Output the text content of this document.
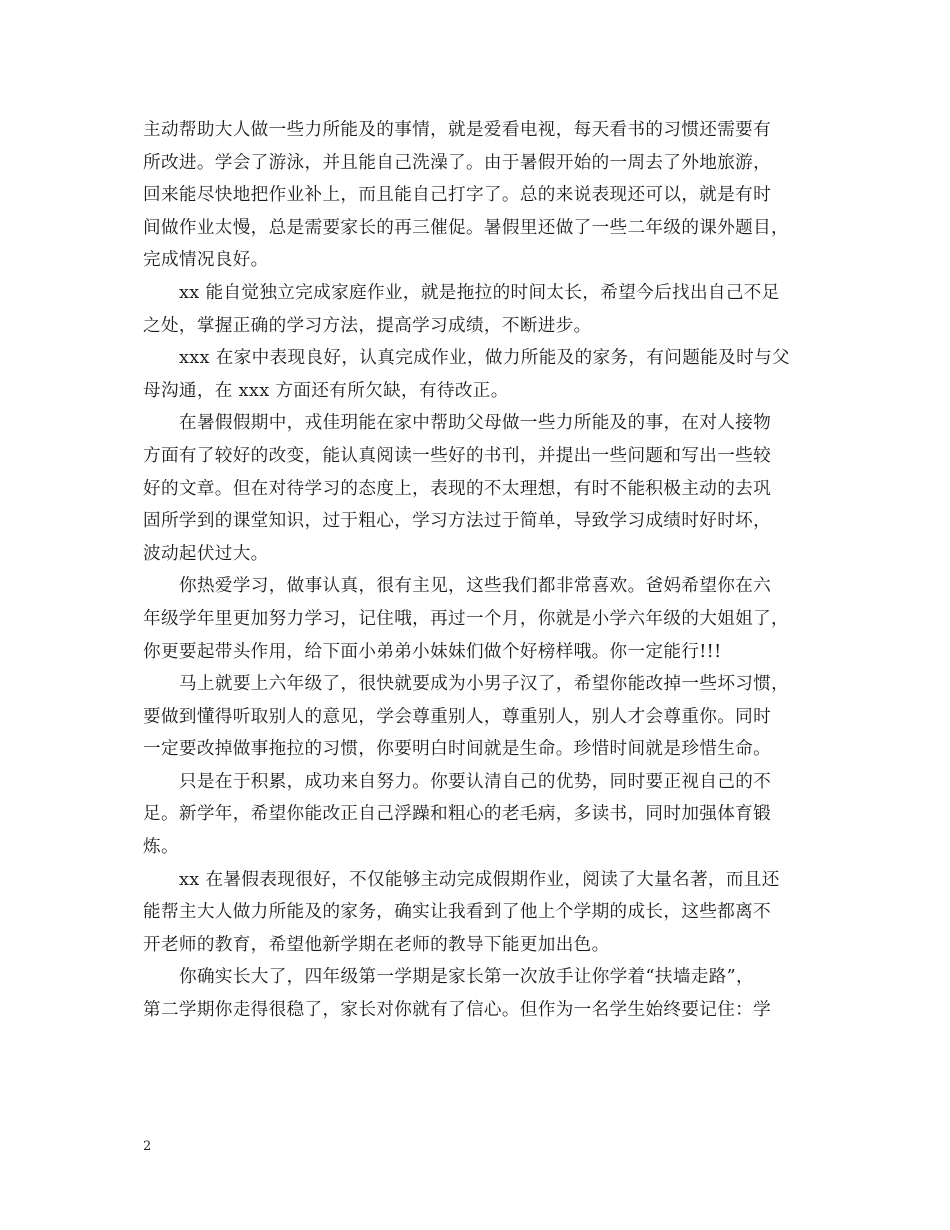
主动帮助大人做一些力所能及的事情，就是爱看电视，每天看书的习惯还需要有
所改进。学会了游泳，并且能自己洗澡了。由于暑假开始的一周去了外地旅游，
回来能尽快地把作业补上，而且能自己打字了。总的来说表现还可以，就是有时
间做作业太慢，总是需要家长的再三催促。暑假里还做了一些二年级的课外题目，
完成情况良好。

xx 能自觉独立完成家庭作业，就是拖拉的时间太长，希望今后找出自己不足
之处，掌握正确的学习方法，提高学习成绩，不断进步。

xxx 在家中表现良好，认真完成作业，做力所能及的家务，有问题能及时与父
母沟通，在 xxx 方面还有所欠缺，有待改正。

在暑假假期中，戎佳玥能在家中帮助父母做一些力所能及的事，在对人接物
方面有了较好的改变，能认真阅读一些好的书刊，并提出一些问题和写出一些较
好的文章。但在对待学习的态度上，表现的不太理想，有时不能积极主动的去巩
固所学到的课堂知识，过于粗心，学习方法过于简单，导致学习成绩时好时坏，
波动起伏过大。

你热爱学习，做事认真，很有主见，这些我们都非常喜欢。爸妈希望你在六
年级学年里更加努力学习，记住哦，再过一个月，你就是小学六年级的大姐姐了，
你更要起带头作用，给下面小弟弟小妹妹们做个好榜样哦。你一定能行!!!

马上就要上六年级了，很快就要成为小男子汉了，希望你能改掉一些坏习惯，
要做到懂得听取别人的意见，学会尊重别人，尊重别人，别人才会尊重你。同时
一定要改掉做事拖拉的习惯，你要明白时间就是生命。珍惜时间就是珍惜生命。

只是在于积累，成功来自努力。你要认清自己的优势，同时要正视自己的不
足。新学年，希望你能改正自己浮躁和粗心的老毛病，多读书，同时加强体育锻
炼。

xx 在暑假表现很好，不仅能够主动完成假期作业，阅读了大量名著，而且还
能帮主大人做力所能及的家务，确实让我看到了他上个学期的成长，这些都离不
开老师的教育，希望他新学期在老师的教导下能更加出色。

你确实长大了，四年级第一学期是家长第一次放手让你学着“扶墙走路”，
第二学期你走得很稳了，家长对你就有了信心。但作为一名学生始终要记住：学

2
